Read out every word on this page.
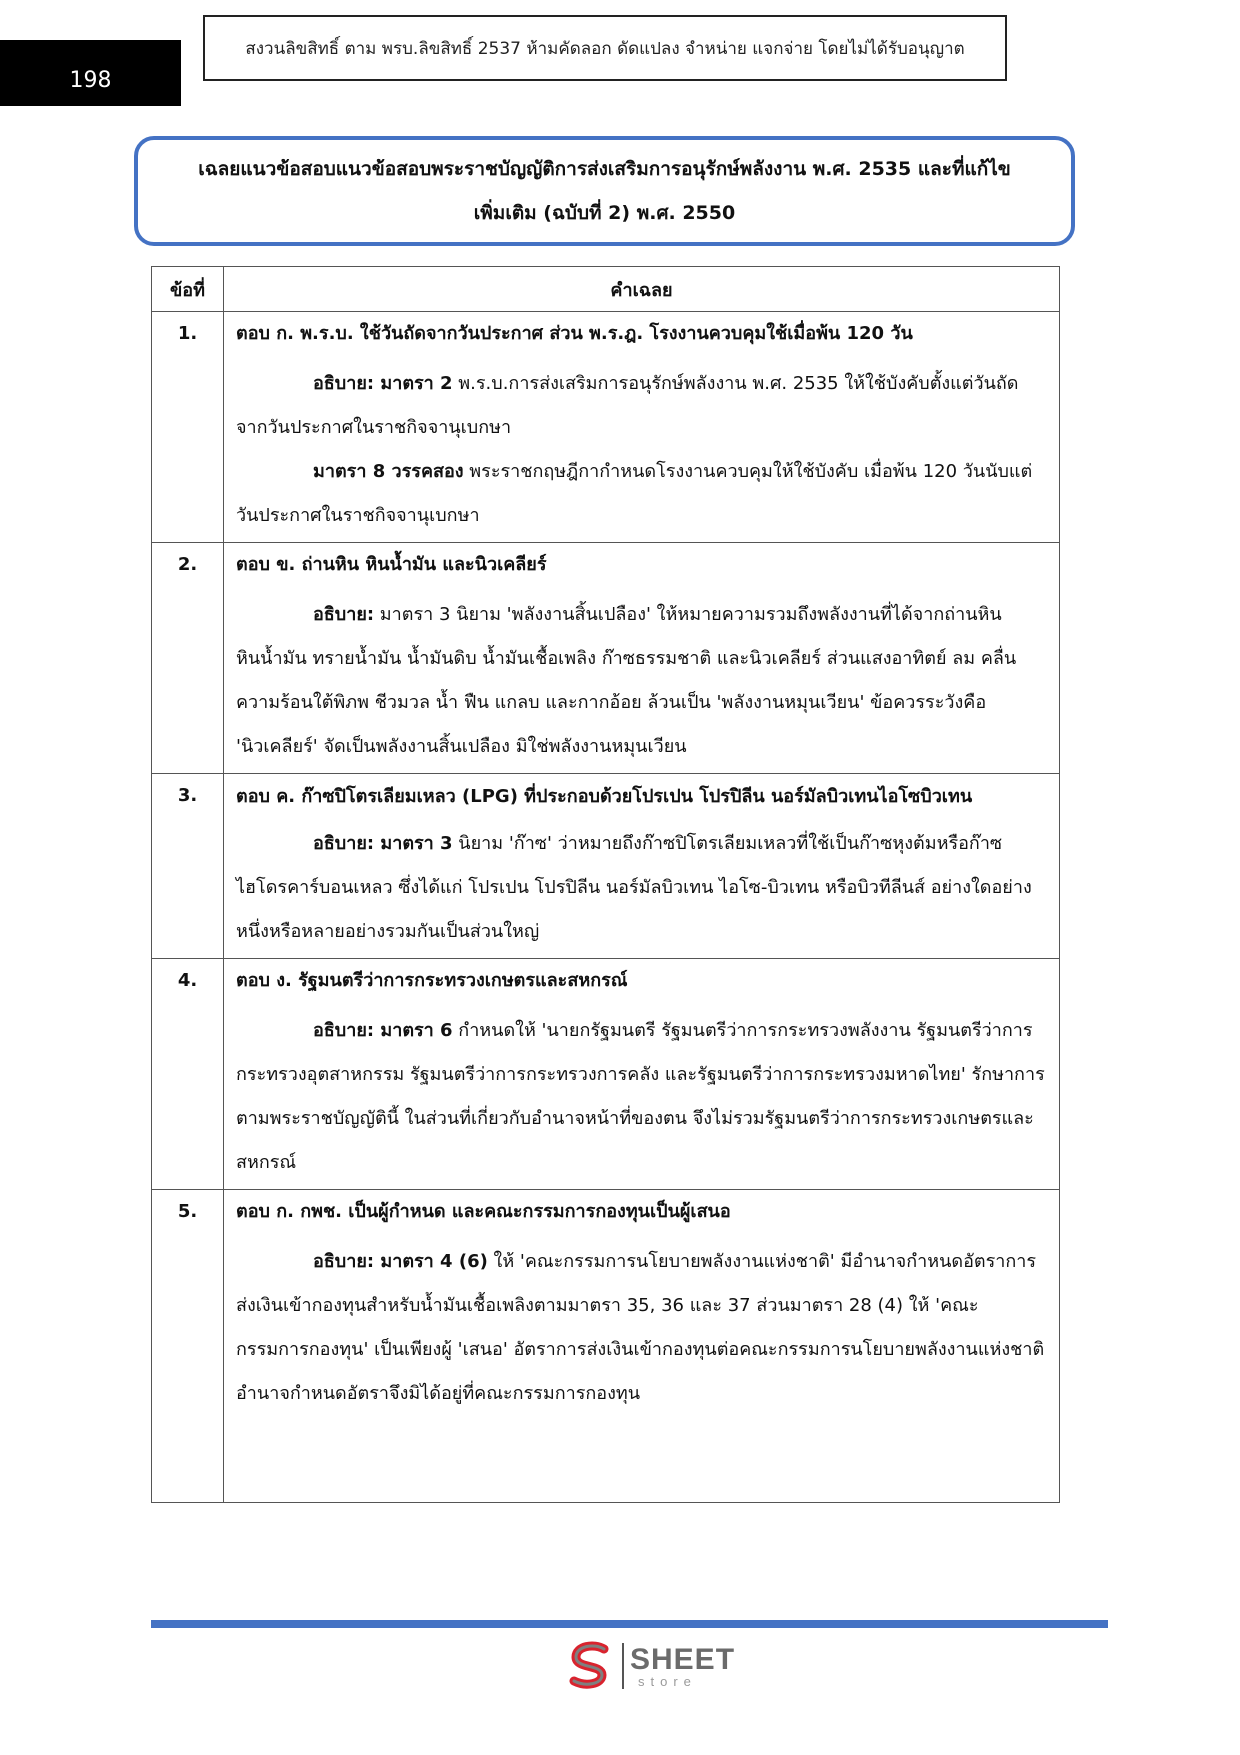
198
สงวนลิขสิทธิ์ ตาม พรบ.ลิขสิทธิ์ 2537 ห้ามคัดลอก ดัดแปลง จำหน่าย แจกจ่าย โดยไม่ได้รับอนุญาต
เฉลยแนวข้อสอบแนวข้อสอบพระราชบัญญัติการส่งเสริมการอนุรักษ์พลังงาน พ.ศ. 2535 และที่แก้ไข
เพิ่มเติม (ฉบับที่ 2) พ.ศ. 2550
ข้อที่	คำเฉลย
1.	ตอบ ก. พ.ร.บ. ใช้วันถัดจากวันประกาศ ส่วน พ.ร.ฎ. โรงงานควบคุมใช้เมื่อพ้น 120 วัน
อธิบาย: มาตรา 2 พ.ร.บ.การส่งเสริมการอนุรักษ์พลังงาน พ.ศ. 2535 ให้ใช้บังคับตั้งแต่วันถัดจากวันประกาศในราชกิจจานุเบกษา
มาตรา 8 วรรคสอง พระราชกฤษฎีกากำหนดโรงงานควบคุมให้ใช้บังคับ เมื่อพ้น 120 วันนับแต่วันประกาศในราชกิจจานุเบกษา

2.	ตอบ ข. ถ่านหิน หินน้ำมัน และนิวเคลียร์
อธิบาย: มาตรา 3 นิยาม 'พลังงานสิ้นเปลือง' ให้หมายความรวมถึงพลังงานที่ได้จากถ่านหิน หินน้ำมัน ทรายน้ำมัน น้ำมันดิบ น้ำมันเชื้อเพลิง ก๊าซธรรมชาติ และนิวเคลียร์ ส่วนแสงอาทิตย์ ลม คลื่น ความร้อนใต้พิภพ ชีวมวล น้ำ ฟืน แกลบ และกากอ้อย ล้วนเป็น 'พลังงานหมุนเวียน' ข้อควรระวังคือ 'นิวเคลียร์' จัดเป็นพลังงานสิ้นเปลือง มิใช่พลังงานหมุนเวียน

3.	ตอบ ค. ก๊าซปิโตรเลียมเหลว (LPG) ที่ประกอบด้วยโปรเปน โปรปิลีน นอร์มัลบิวเทนไอโซบิวเทน
อธิบาย: มาตรา 3 นิยาม 'ก๊าซ' ว่าหมายถึงก๊าซปิโตรเลียมเหลวที่ใช้เป็นก๊าซหุงต้มหรือก๊าซไฮโดรคาร์บอนเหลว ซึ่งได้แก่ โปรเปน โปรปิลีน นอร์มัลบิวเทน ไอโซ-บิวเทน หรือบิวทีลีนส์ อย่างใดอย่างหนึ่งหรือหลายอย่างรวมกันเป็นส่วนใหญ่

4.	ตอบ ง. รัฐมนตรีว่าการกระทรวงเกษตรและสหกรณ์
อธิบาย: มาตรา 6 กำหนดให้ 'นายกรัฐมนตรี รัฐมนตรีว่าการกระทรวงพลังงาน รัฐมนตรีว่าการกระทรวงอุตสาหกรรม รัฐมนตรีว่าการกระทรวงการคลัง และรัฐมนตรีว่าการกระทรวงมหาดไทย' รักษาการตามพระราชบัญญัตินี้ ในส่วนที่เกี่ยวกับอำนาจหน้าที่ของตน จึงไม่รวมรัฐมนตรีว่าการกระทรวงเกษตรและสหกรณ์

5.	ตอบ ก. กพช. เป็นผู้กำหนด และคณะกรรมการกองทุนเป็นผู้เสนอ
อธิบาย: มาตรา 4 (6) ให้ 'คณะกรรมการนโยบายพลังงานแห่งชาติ' มีอำนาจกำหนดอัตราการส่งเงินเข้ากองทุนสำหรับน้ำมันเชื้อเพลิงตามมาตรา 35, 36 และ 37 ส่วนมาตรา 28 (4) ให้ 'คณะกรรมการกองทุน' เป็นเพียงผู้ 'เสนอ' อัตราการส่งเงินเข้ากองทุนต่อคณะกรรมการนโยบายพลังงานแห่งชาติ อำนาจกำหนดอัตราจึงมิได้อยู่ที่คณะกรรมการกองทุน
SHEET
store
